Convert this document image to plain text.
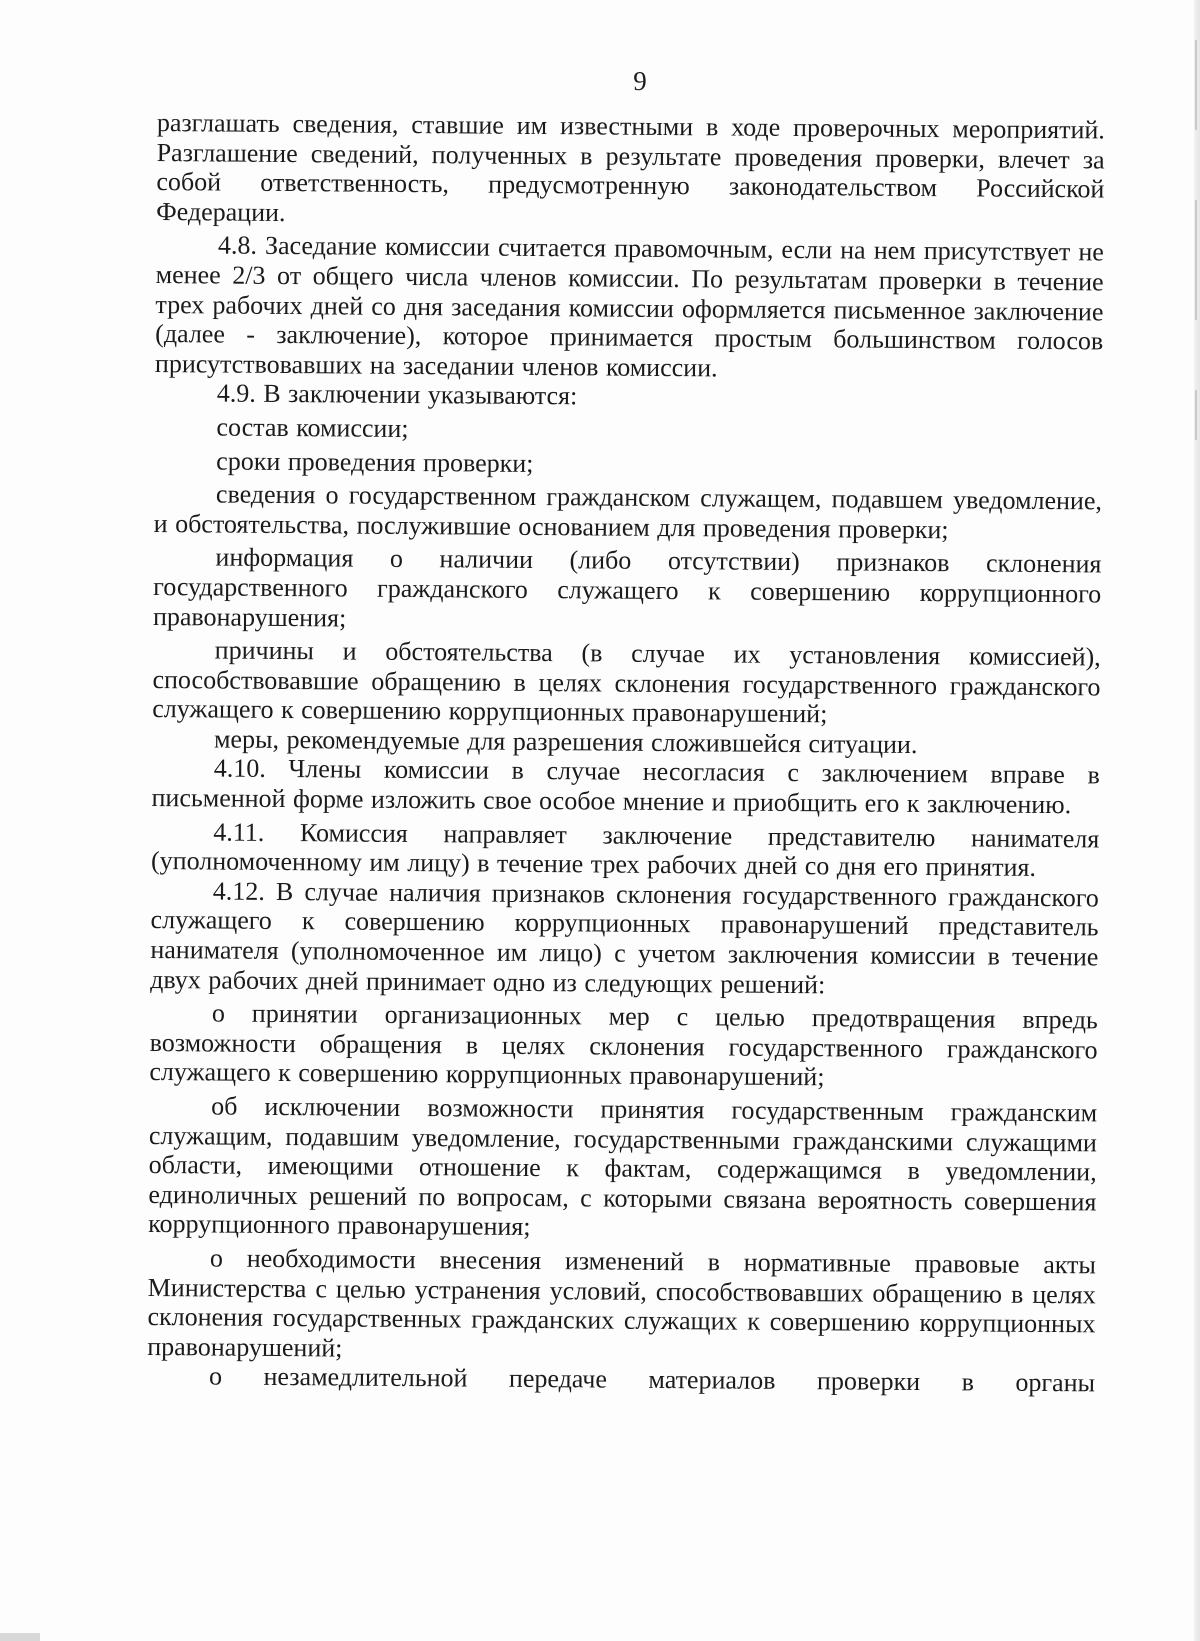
9

разглашать сведения, ставшие им известными в ходе проверочных мероприятий. Разглашение сведений, полученных в результате проведения проверки, влечет за собой ответственность, предусмотренную законодательством Российской Федерации.

4.8. Заседание комиссии считается правомочным, если на нем присутствует не менее 2/3 от общего числа членов комиссии. По результатам проверки в течение трех рабочих дней со дня заседания комиссии оформляется письменное заключение (далее - заключение), которое принимается простым большинством голосов присутствовавших на заседании членов комиссии.

4.9. В заключении указываются:

состав комиссии;

сроки проведения проверки;

сведения о государственном гражданском служащем, подавшем уведомление, и обстоятельства, послужившие основанием для проведения проверки;

информация о наличии (либо отсутствии) признаков склонения государственного гражданского служащего к совершению коррупционного правонарушения;

причины и обстоятельства (в случае их установления комиссией), способствовавшие обращению в целях склонения государственного гражданского служащего к совершению коррупционных правонарушений;

меры, рекомендуемые для разрешения сложившейся ситуации.

4.10. Члены комиссии в случае несогласия с заключением вправе в письменной форме изложить свое особое мнение и приобщить его к заключению.

4.11. Комиссия направляет заключение представителю нанимателя (уполномоченному им лицу) в течение трех рабочих дней со дня его принятия.

4.12. В случае наличия признаков склонения государственного гражданского служащего к совершению коррупционных правонарушений представитель нанимателя (уполномоченное им лицо) с учетом заключения комиссии в течение двух рабочих дней принимает одно из следующих решений:

о принятии организационных мер с целью предотвращения впредь возможности обращения в целях склонения государственного гражданского служащего к совершению коррупционных правонарушений;

об исключении возможности принятия государственным гражданским служащим, подавшим уведомление, государственными гражданскими служащими области, имеющими отношение к фактам, содержащимся в уведомлении, единоличных решений по вопросам, с которыми связана вероятность совершения коррупционного правонарушения;

о необходимости внесения изменений в нормативные правовые акты Министерства с целью устранения условий, способствовавших обращению в целях склонения государственных гражданских служащих к совершению коррупционных правонарушений;

о незамедлительной передаче материалов проверки в органы
